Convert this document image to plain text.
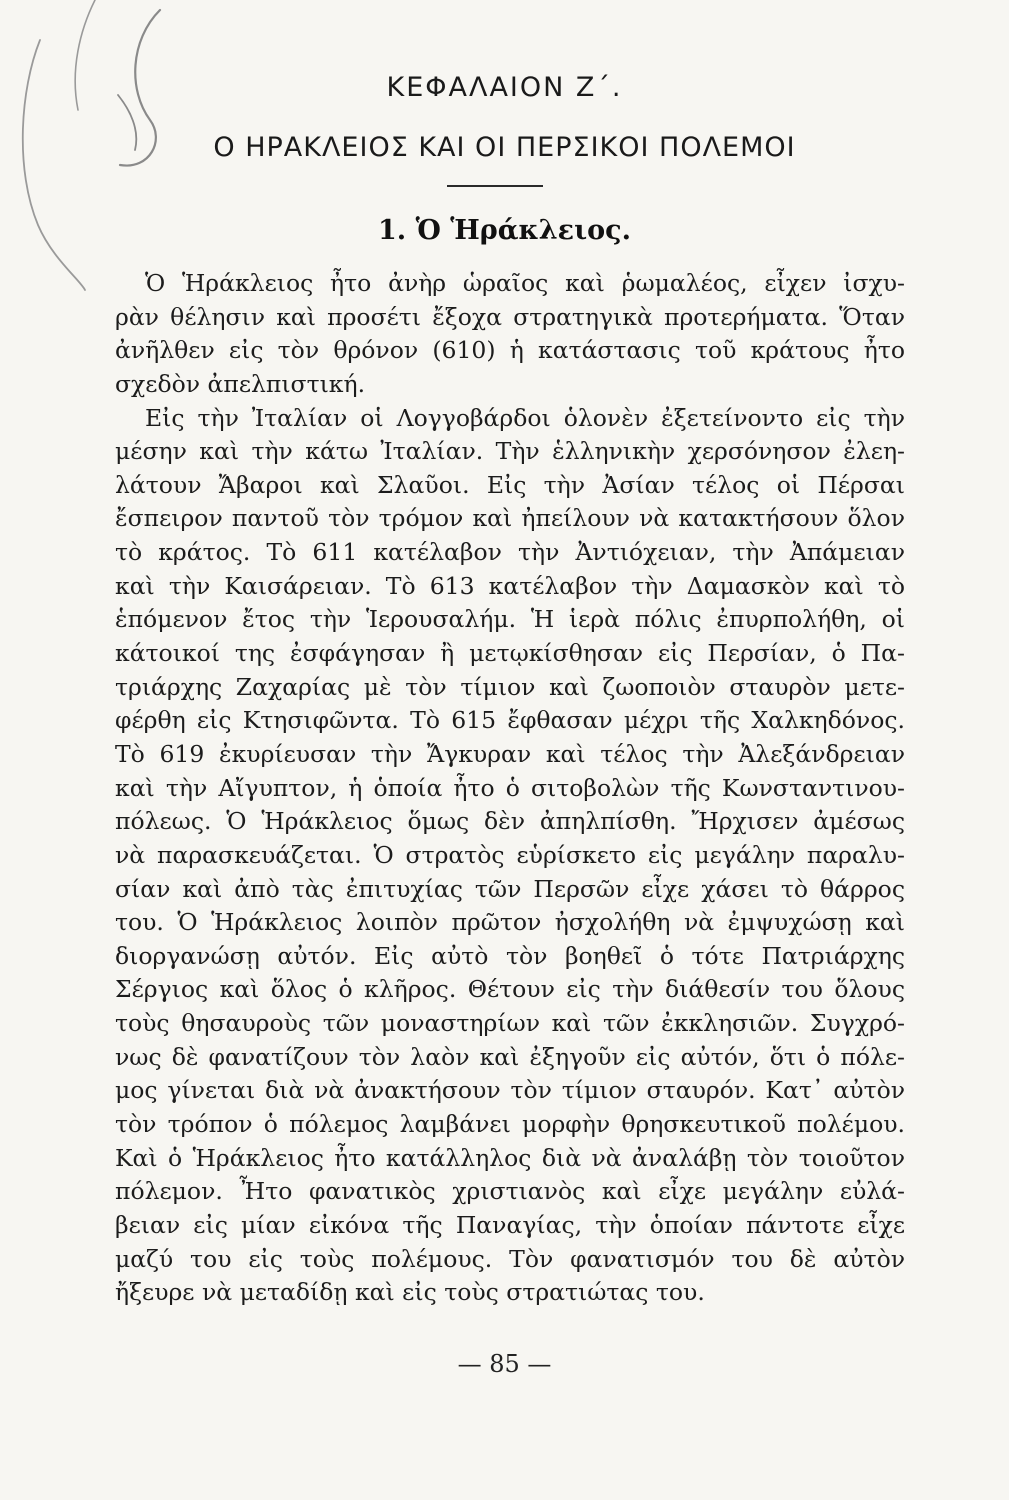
ΚΕΦΑΛΑΙΟΝ Ζ΄.
Ο ΗΡΑΚΛΕΙΟΣ ΚΑΙ ΟΙ ΠΕΡΣΙΚΟΙ ΠΟΛΕΜΟΙ
1. Ὁ Ἡράκλειος.
Ὁ Ἡράκλειος ἦτο ἀνὴρ ὡραῖος καὶ ῥωμαλέος, εἶχεν ἰσχυ-
ρὰν θέλησιν καὶ προσέτι ἔξοχα στρατηγικὰ προτερήματα. Ὅταν
ἀνῆλθεν εἰς τὸν θρόνον (610) ἡ κατάστασις τοῦ κράτους ἦτο
σχεδὸν ἀπελπιστική.
Εἰς τὴν Ἰταλίαν οἱ Λογγοβάρδοι ὁλονὲν ἐξετείνοντο εἰς τὴν
μέσην καὶ τὴν κάτω Ἰταλίαν. Τὴν ἑλληνικὴν χερσόνησον ἐλεη-
λάτουν Ἄβαροι καὶ Σλαῦοι. Εἰς τὴν Ἀσίαν τέλος οἱ Πέρσαι
ἔσπειρον παντοῦ τὸν τρόμον καὶ ἠπείλουν νὰ κατακτήσουν ὅλον
τὸ κράτος. Τὸ 611 κατέλαβον τὴν Ἀντιόχειαν, τὴν Ἀπάμειαν
καὶ τὴν Καισάρειαν. Τὸ 613 κατέλαβον τὴν Δαμασκὸν καὶ τὸ
ἑπόμενον ἔτος τὴν Ἱερουσαλήμ. Ἡ ἱερὰ πόλις ἐπυρπολήθη, οἱ
κάτοικοί της ἐσφάγησαν ἢ μετῳκίσθησαν εἰς Περσίαν, ὁ Πα-
τριάρχης Ζαχαρίας μὲ τὸν τίμιον καὶ ζωοποιὸν σταυρὸν μετε-
φέρθη εἰς Κτησιφῶντα. Τὸ 615 ἔφθασαν μέχρι τῆς Χαλκηδόνος.
Τὸ 619 ἐκυρίευσαν τὴν Ἄγκυραν καὶ τέλος τὴν Ἀλεξάνδρειαν
καὶ τὴν Αἴγυπτον, ἡ ὁποία ἦτο ὁ σιτοβολὼν τῆς Κωνσταντινου-
πόλεως. Ὁ Ἡράκλειος ὅμως δὲν ἀπηλπίσθη. Ἤρχισεν ἀμέσως
νὰ παρασκευάζεται. Ὁ στρατὸς εὑρίσκετο εἰς μεγάλην παραλυ-
σίαν καὶ ἀπὸ τὰς ἐπιτυχίας τῶν Περσῶν εἶχε χάσει τὸ θάρρος
του. Ὁ Ἡράκλειος λοιπὸν πρῶτον ἠσχολήθη νὰ ἐμψυχώσῃ καὶ
διοργανώσῃ αὐτόν. Εἰς αὐτὸ τὸν βοηθεῖ ὁ τότε Πατριάρχης
Σέργιος καὶ ὅλος ὁ κλῆρος. Θέτουν εἰς τὴν διάθεσίν του ὅλους
τοὺς θησαυροὺς τῶν μοναστηρίων καὶ τῶν ἐκκλησιῶν. Συγχρό-
νως δὲ φανατίζουν τὸν λαὸν καὶ ἐξηγοῦν εἰς αὐτόν, ὅτι ὁ πόλε-
μος γίνεται διὰ νὰ ἀνακτήσουν τὸν τίμιον σταυρόν. Κατ᾽ αὐτὸν
τὸν τρόπον ὁ πόλεμος λαμβάνει μορφὴν θρησκευτικοῦ πολέμου.
Καὶ ὁ Ἡράκλειος ἦτο κατάλληλος διὰ νὰ ἀναλάβῃ τὸν τοιοῦτον
πόλεμον. Ἦτο φανατικὸς χριστιανὸς καὶ εἶχε μεγάλην εὐλά-
βειαν εἰς μίαν εἰκόνα τῆς Παναγίας, τὴν ὁποίαν πάντοτε εἶχε
μαζύ του εἰς τοὺς πολέμους. Τὸν φανατισμόν του δὲ αὐτὸν
ἤξευρε νὰ μεταδίδῃ καὶ εἰς τοὺς στρατιώτας του.
— 85 —
